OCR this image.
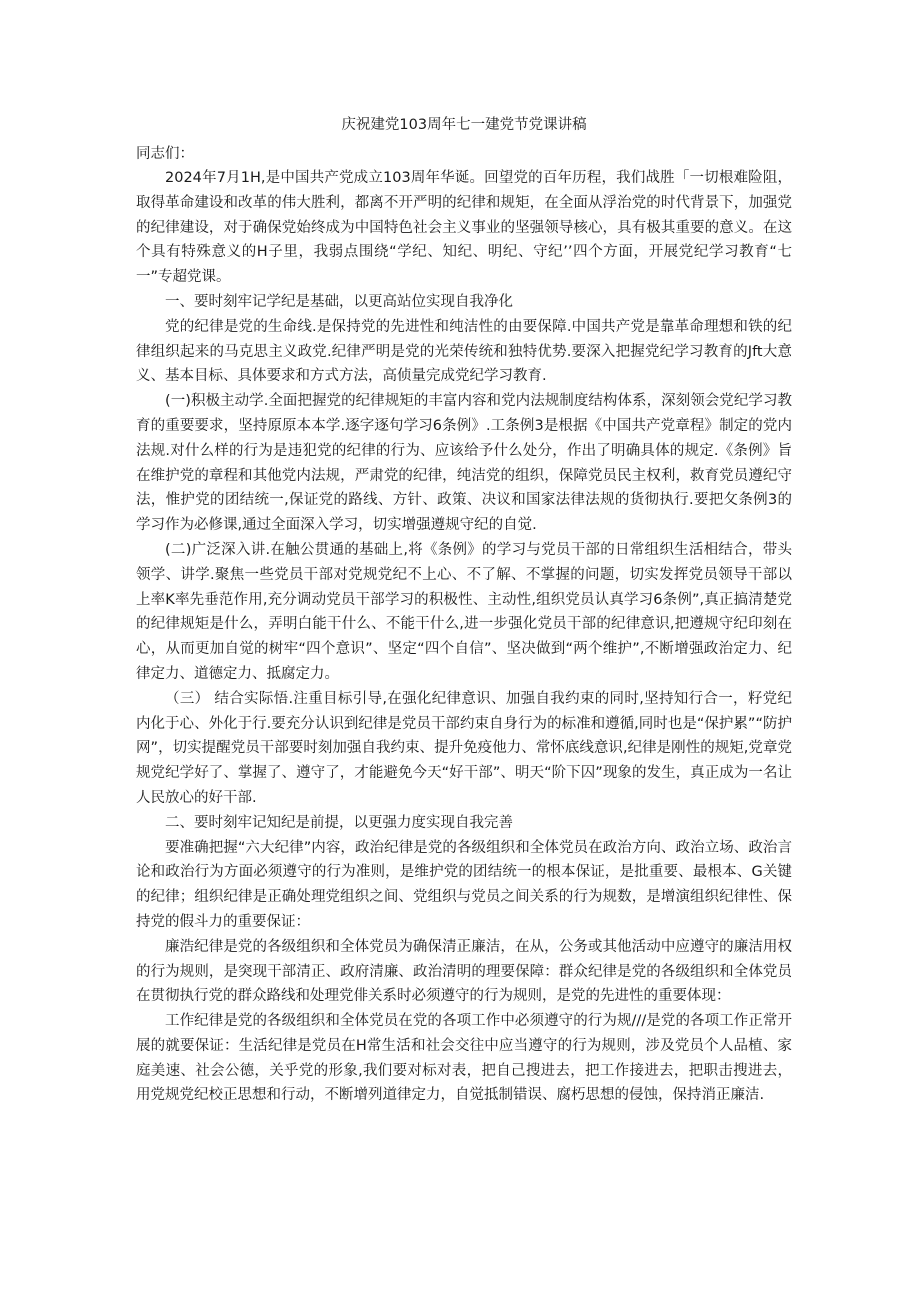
庆祝建党103周年七一建党节党课讲稿

同志们：

2024年7月1H,是中国共产党成立103周年华诞。回望党的百年历程，我们战胜「一切根难险阻，取得革命建设和改革的伟大胜利，都离不开严明的纪律和规矩，在全面从浮治党的时代背景下，加强党的纪律建设，对于确保党始终成为中国特色社会主义事业的坚强领导核心，具有极其重要的意义。在这个具有特殊意义的H子里，我弱点围绕“学纪、知纪、明纪、守纪’’四个方面，开展党纪学习教育“七一”专超党课。

一、要时刻牢记学纪是基础，以更高站位实现自我净化

党的纪律是党的生命线.是保持党的先进性和纯洁性的由要保障.中国共产党是靠革命理想和铁的纪律组织起来的马克思主义政党.纪律严明是党的光荣传统和独特优势.要深入把握党纪学习教育的Jft大意义、基本目标、具体要求和方式方法，高侦量完成党纪学习教育.

(一)积极主动学.全面把握党的纪律规矩的丰富内容和党内法规制度结构体系，深刻领会党纪学习教育的重要要求，坚持原原本本学.逐字逐句学习6条例》.工条例3是根据《中国共产党章程》制定的党内法规.对什么样的行为是违犯党的纪律的行为、应该给予什么处分，作出了明确具体的规定.《条例》旨在维护党的章程和其他党内法规，严肃党的纪律，纯洁党的组织，保障党员民主权利，救育党员遵纪守法，惟护党的团结统一,保证党的路线、方针、政策、决议和国家法律法规的货彻执行.要把攵条例3的学习作为必修课,通过全面深入学习，切实增强遵规守纪的自觉.

(二)广泛深入讲.在触公贯通的基础上,将《条例》的学习与党员干部的日常组织生活相结合，带头领学、讲学.聚焦一些党员干部对党规党纪不上心、不了解、不掌握的问题，切实发挥党员领导干部以上率K率先垂范作用,充分调动党员干部学习的积极性、主动性,组织党员认真学习6条例”,真正搞清楚党的纪律规矩是什么，弄明白能干什么、不能干什么,进一步强化党员干部的纪律意识,把遵规守纪印刻在心，从而更加自觉的树牢“四个意识”、坚定“四个自信”、坚决做到“两个维护”,不断增强政治定力、纪律定力、道德定力、抵腐定力。

（三） 结合实际悟.注重目标引导,在强化纪律意识、加强自我约束的同时,坚持知行合一，籽党纪内化于心、外化于行.要充分认识到纪律是党员干部约束自身行为的标准和遵循,同时也是“保护累”“防护网”，切实提醒党员干部要时刻加强自我约束、提升免疫他力、常怀底线意识,纪律是刚性的规矩,党章党规党纪学好了、掌握了、遵守了，才能避免今天“好干部”、明天“阶下囚”现象的发生，真正成为一名让人民放心的好干部.

二、要时刻牢记知纪是前提，以更强力度实现自我完善

要准确把握“六大纪律”内容，政治纪律是党的各级组织和全体党员在政治方向、政治立场、政治言论和政治行为方面必须遵守的行为准则，是维护党的团结统一的根本保证，是批重要、最根本、G关键的纪律；组织纪律是正确处理党组织之间、党组织与党员之间关系的行为规数，是增演组织纪律性、保持党的假斗力的重要保证：

廉浩纪律是党的各级组织和全体党员为确保清正廉洁，在从，公务或其他活动中应遵守的廉洁用权的行为规则，是突现干部清正、政府清廉、政治清明的理要保障：群众纪律是党的各级组织和全体党员在贯彻执行党的群众路线和处理党俳关系时必须遵守的行为规则，是党的先进性的重要体现：

工作纪律是党的各级组织和全体党员在党的各项工作中必须遵守的行为规///是党的各项工作正常开展的就要保证：生活纪律是党员在H常生活和社会交往中应当遵守的行为规则，涉及党员个人品植、家庭美速、社会公德，关乎党的形象,我们要对标对表，把自己搜进去，把工作接进去，把职击搜进去，用党规党纪校正思想和行动，不断增列道律定力，自觉抵制错误、腐朽思想的侵蚀，保持消正廉洁.
